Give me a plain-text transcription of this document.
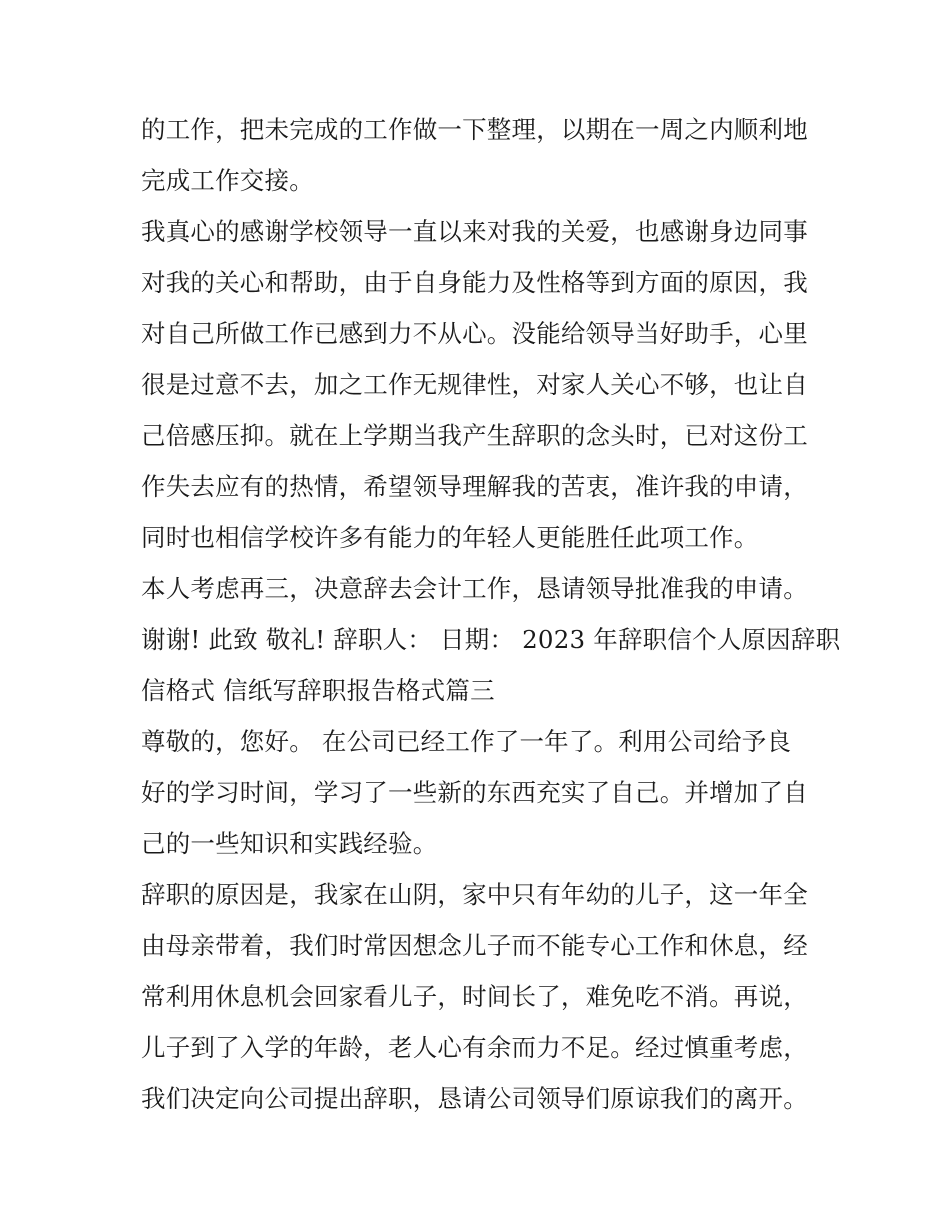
的工作，把未完成的工作做一下整理，以期在一周之内顺利地
完成工作交接。
我真心的感谢学校领导一直以来对我的关爱，也感谢身边同事
对我的关心和帮助，由于自身能力及性格等到方面的原因，我
对自己所做工作已感到力不从心。没能给领导当好助手，心里
很是过意不去，加之工作无规律性，对家人关心不够，也让自
己倍感压抑。就在上学期当我产生辞职的念头时，已对这份工
作失去应有的热情，希望领导理解我的苦衷，准许我的申请，
同时也相信学校许多有能力的年轻人更能胜任此项工作。
本人考虑再三，决意辞去会计工作，恳请领导批准我的申请。
谢谢! 此致 敬礼! 辞职人： 日期： 2023 年辞职信个人原因辞职
信格式 信纸写辞职报告格式篇三
尊敬的，您好。 在公司已经工作了一年了。利用公司给予良
好的学习时间，学习了一些新的东西充实了自己。并增加了自
己的一些知识和实践经验。
辞职的原因是，我家在山阴，家中只有年幼的儿子，这一年全
由母亲带着，我们时常因想念儿子而不能专心工作和休息，经
常利用休息机会回家看儿子，时间长了，难免吃不消。再说，
儿子到了入学的年龄，老人心有余而力不足。经过慎重考虑，
我们决定向公司提出辞职，恳请公司领导们原谅我们的离开。
